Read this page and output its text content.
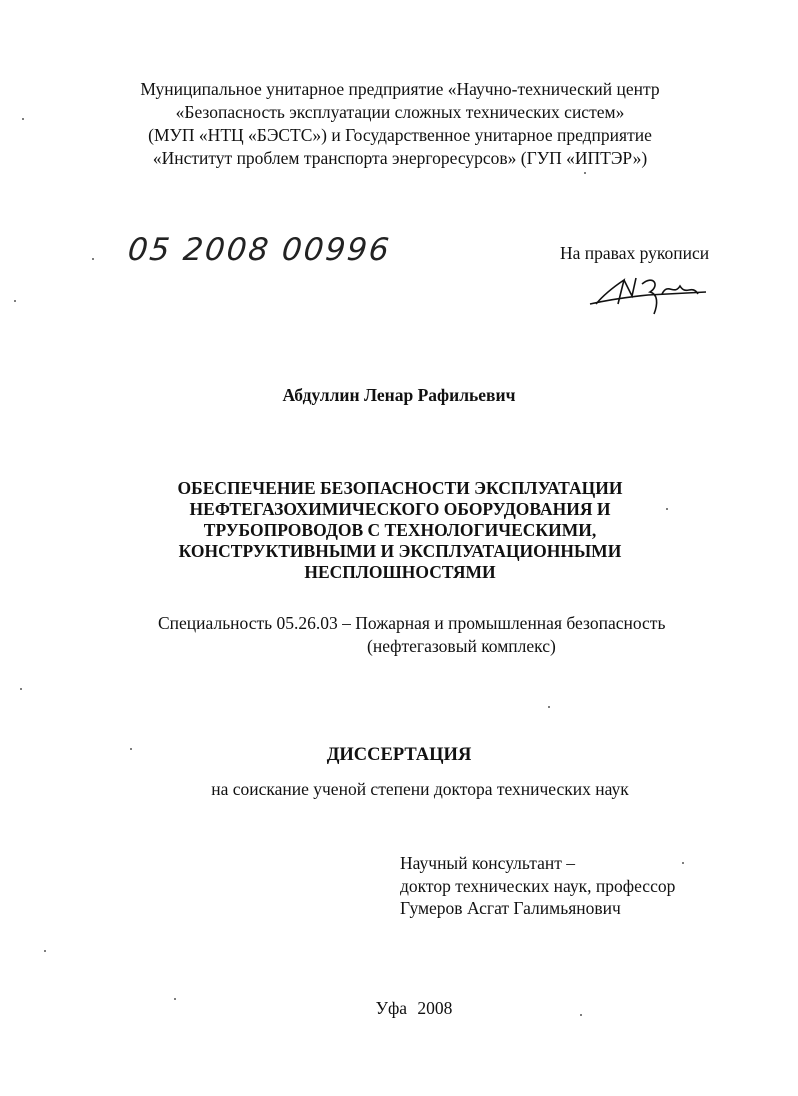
Муниципальное унитарное предприятие «Научно-технический центр
«Безопасность эксплуатации сложных технических систем»
(МУП «НТЦ «БЭСТС») и Государственное унитарное предприятие
«Институт проблем транспорта энергоресурсов» (ГУП «ИПТЭР»)
05 2008 00996	На правах рукописи
Абдуллин Ленар Рафильевич
ОБЕСПЕЧЕНИЕ БЕЗОПАСНОСТИ ЭКСПЛУАТАЦИИ
НЕФТЕГАЗОХИМИЧЕСКОГО ОБОРУДОВАНИЯ И
ТРУБОПРОВОДОВ С ТЕХНОЛОГИЧЕСКИМИ,
КОНСТРУКТИВНЫМИ И ЭКСПЛУАТАЦИОННЫМИ
НЕСПЛОШНОСТЯМИ
Специальность 05.26.03 – Пожарная и промышленная безопасность
(нефтегазовый комплекс)
ДИССЕРТАЦИЯ
на соискание ученой степени доктора технических наук
Научный консультант –
доктор технических наук, профессор
Гумеров Асгат Галимьянович
Уфа 2008
